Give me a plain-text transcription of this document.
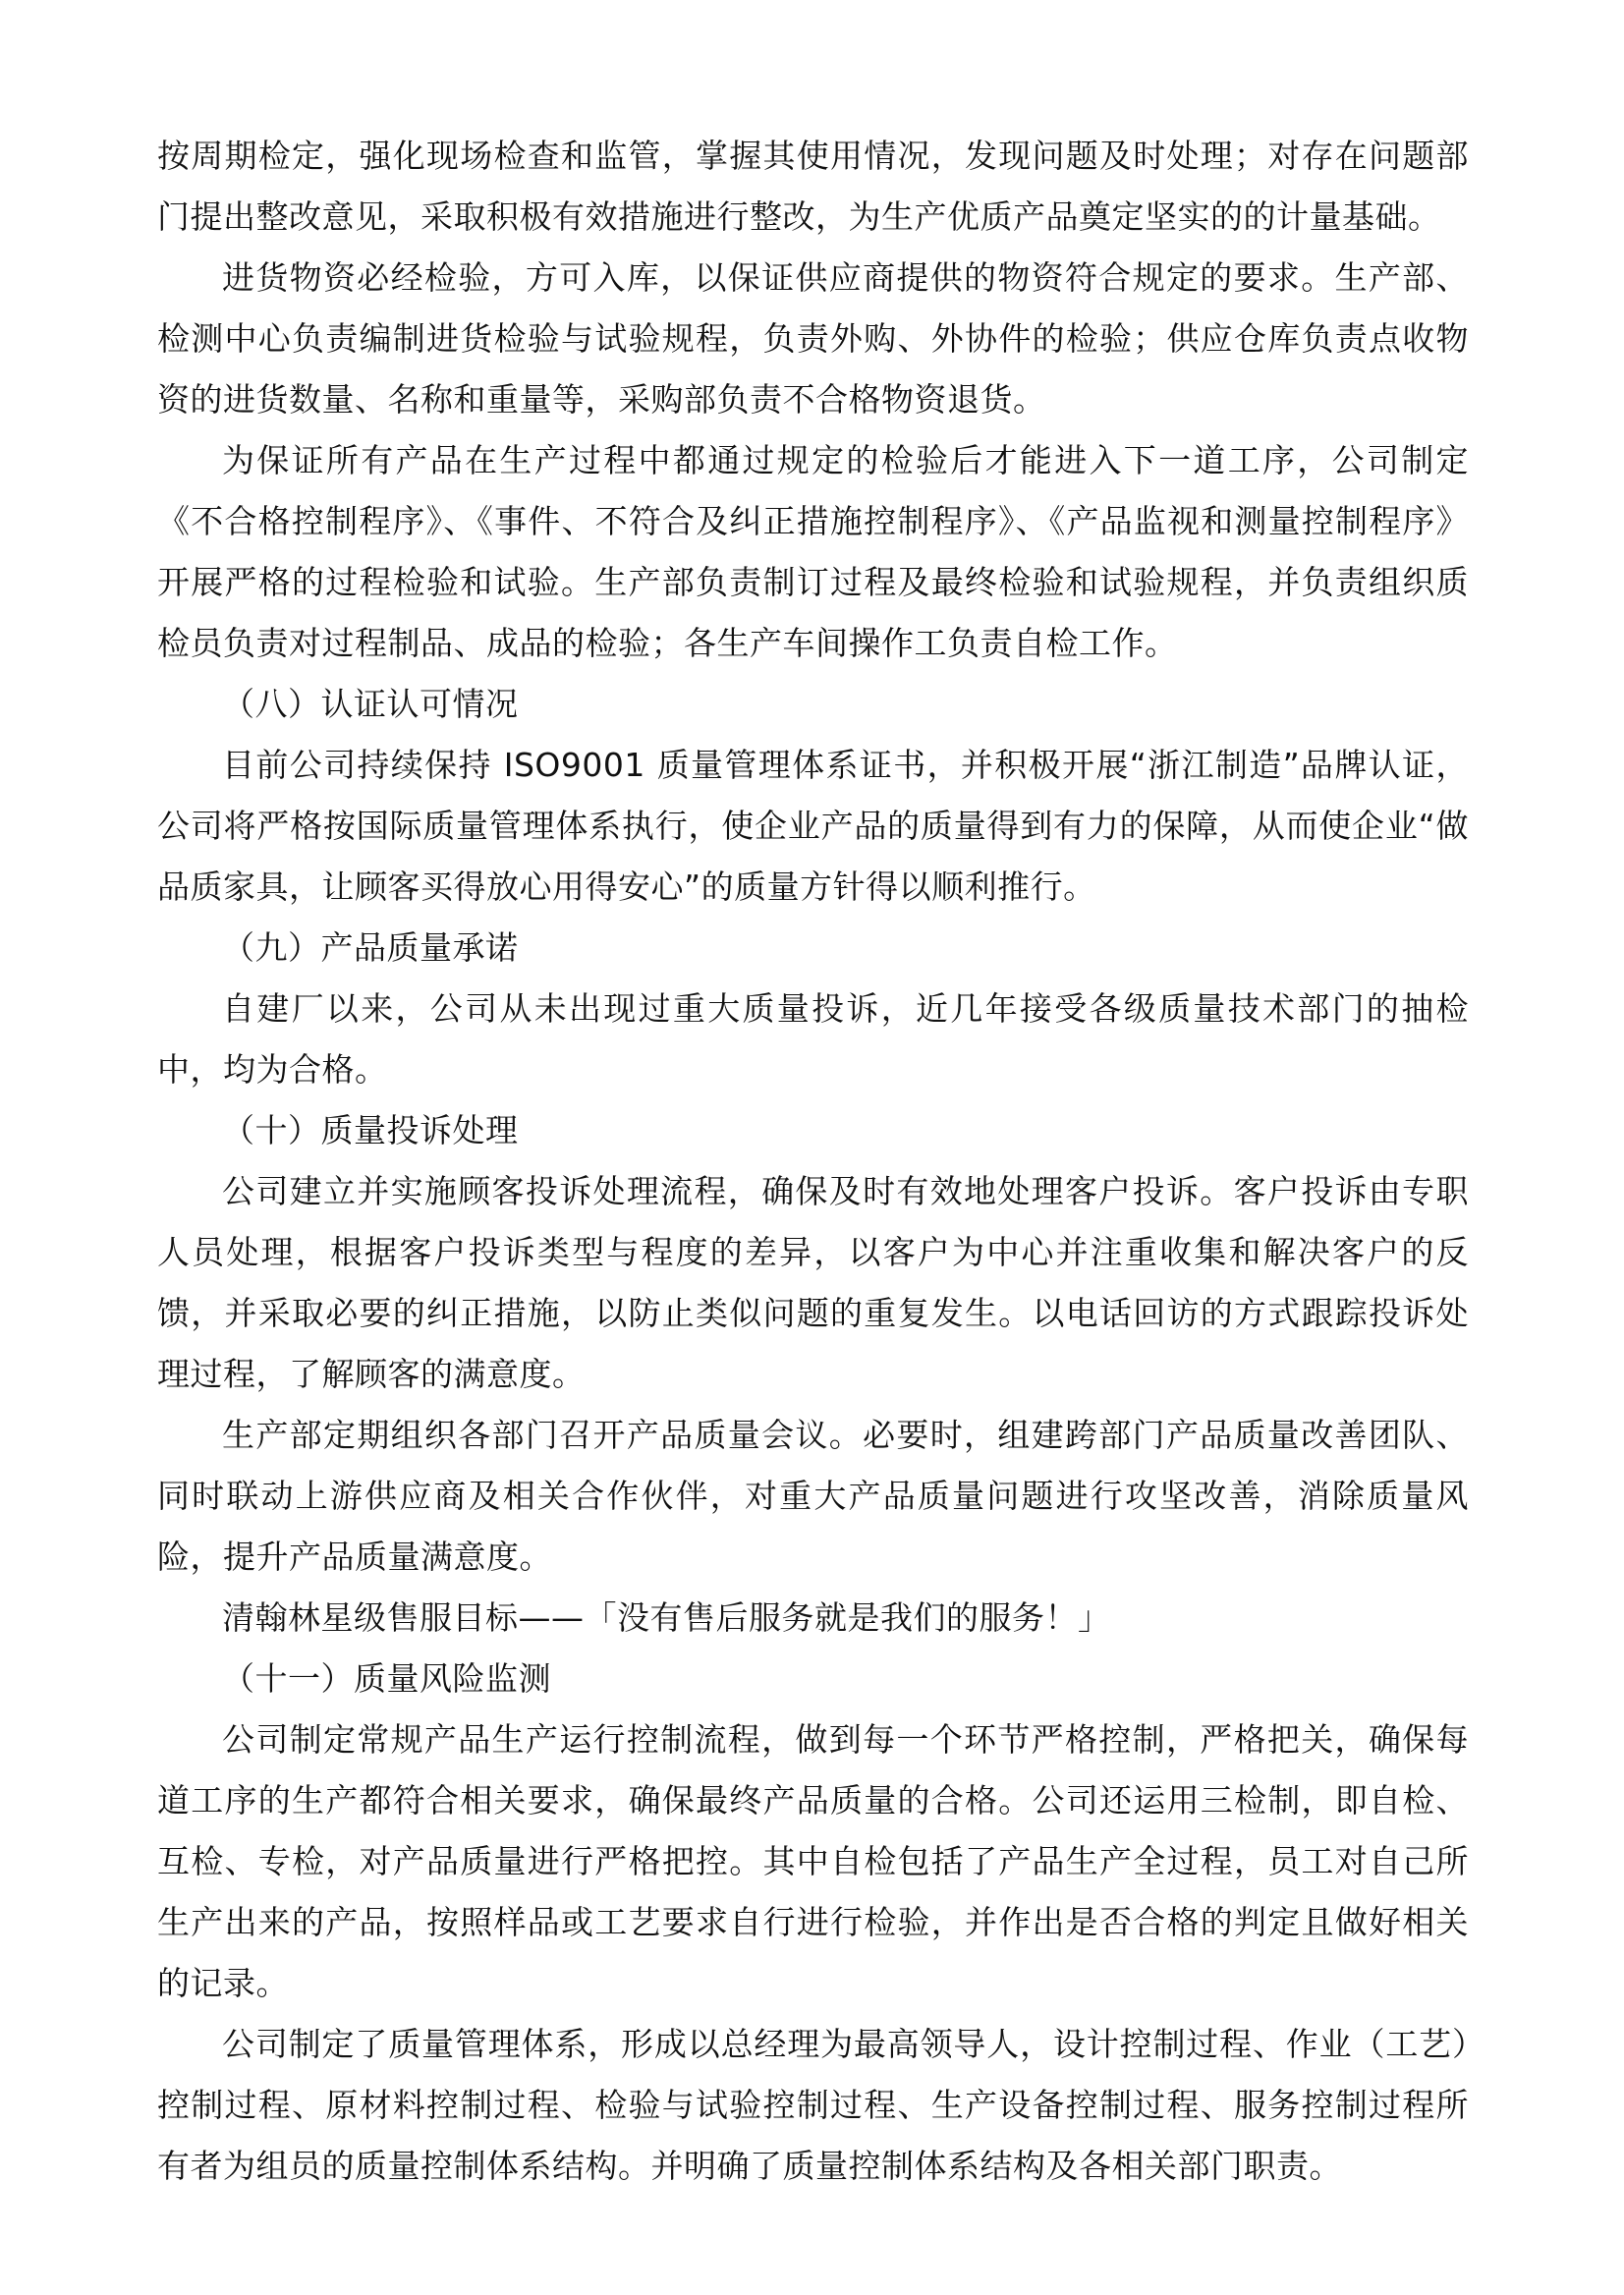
按周期检定，强化现场检查和监管，掌握其使用情况，发现问题及时处理；对存在问题部门提出整改意见，采取积极有效措施进行整改，为生产优质产品奠定坚实的的计量基础。

进货物资必经检验，方可入库，以保证供应商提供的物资符合规定的要求。生产部、检测中心负责编制进货检验与试验规程，负责外购、外协件的检验；供应仓库负责点收物资的进货数量、名称和重量等，采购部负责不合格物资退货。

为保证所有产品在生产过程中都通过规定的检验后才能进入下一道工序，公司制定《不合格控制程序》、《事件、不符合及纠正措施控制程序》、《产品监视和测量控制程序》开展严格的过程检验和试验。生产部负责制订过程及最终检验和试验规程，并负责组织质检员负责对过程制品、成品的检验；各生产车间操作工负责自检工作。

（八）认证认可情况

目前公司持续保持 ISO9001 质量管理体系证书，并积极开展“浙江制造”品牌认证，公司将严格按国际质量管理体系执行，使企业产品的质量得到有力的保障，从而使企业“做品质家具，让顾客买得放心用得安心”的质量方针得以顺利推行。

（九）产品质量承诺

自建厂以来，公司从未出现过重大质量投诉，近几年接受各级质量技术部门的抽检中，均为合格。

（十）质量投诉处理

公司建立并实施顾客投诉处理流程，确保及时有效地处理客户投诉。客户投诉由专职人员处理，根据客户投诉类型与程度的差异，以客户为中心并注重收集和解决客户的反馈，并采取必要的纠正措施，以防止类似问题的重复发生。以电话回访的方式跟踪投诉处理过程，了解顾客的满意度。

生产部定期组织各部门召开产品质量会议。必要时，组建跨部门产品质量改善团队、同时联动上游供应商及相关合作伙伴，对重大产品质量问题进行攻坚改善，消除质量风险，提升产品质量满意度。

清翰林星级售服目标——「没有售后服务就是我们的服务！」

（十一）质量风险监测

公司制定常规产品生产运行控制流程，做到每一个环节严格控制，严格把关，确保每道工序的生产都符合相关要求，确保最终产品质量的合格。公司还运用三检制，即自检、互检、专检，对产品质量进行严格把控。其中自检包括了产品生产全过程，员工对自己所生产出来的产品，按照样品或工艺要求自行进行检验，并作出是否合格的判定且做好相关的记录。

公司制定了质量管理体系，形成以总经理为最高领导人，设计控制过程、作业（工艺）控制过程、原材料控制过程、检验与试验控制过程、生产设备控制过程、服务控制过程所有者为组员的质量控制体系结构。并明确了质量控制体系结构及各相关部门职责。
